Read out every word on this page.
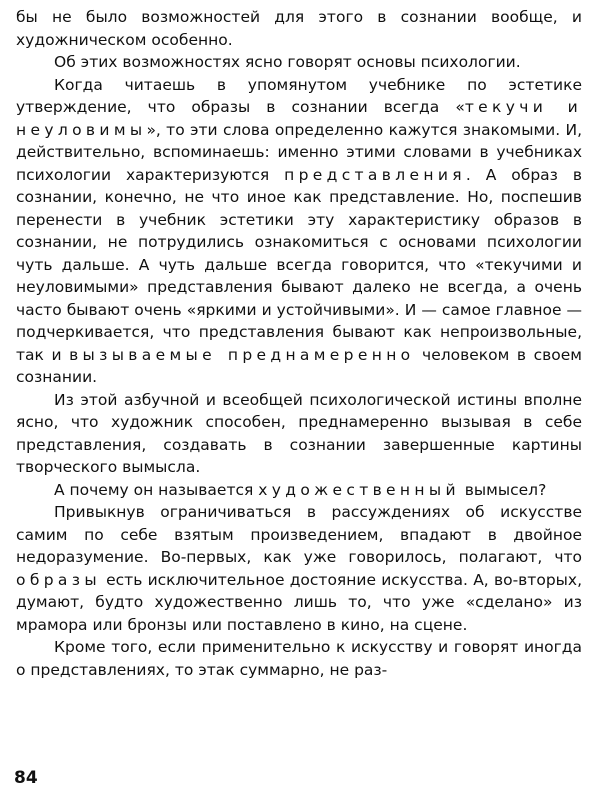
бы не было возможностей для этого в сознании вообще, и художническом особенно.

Об этих возможностях ясно говорят основы психологии.

Когда читаешь в упомянутом учебнике по эстетике утверждение, что образы в сознании всегда «текучи и неуловимы», то эти слова определенно кажутся знакомыми. И, действительно, вспоминаешь: именно этими словами в учебниках психологии характеризуются представления. А образ в сознании, конечно, не что иное как представление. Но, поспешив перенести в учебник эстетики эту характеристику образов в сознании, не потрудились ознакомиться с основами психологии чуть дальше. А чуть дальше всегда говорится, что «текучими и неуловимыми» представления бывают далеко не всегда, а очень часто бывают очень «яркими и устойчивыми». И — самое главное — подчеркивается, что представления бывают как непроизвольные, так и вызываемые преднамеренно человеком в своем сознании.

Из этой азбучной и всеобщей психологической истины вполне ясно, что художник способен, преднамеренно вызывая в себе представления, создавать в сознании завершенные картины творческого вымысла.

А почему он называется художественный вымысел?

Привыкнув ограничиваться в рассуждениях об искусстве самим по себе взятым произведением, впадают в двойное недоразумение. Во-первых, как уже говорилось, полагают, что образы есть исключительное достояние искусства. А, во-вторых, думают, будто художественно лишь то, что уже «сделано» из мрамора или бронзы или поставлено в кино, на сцене.

Кроме того, если применительно к искусству и говорят иногда о представлениях, то этак суммарно, не раз-

84
